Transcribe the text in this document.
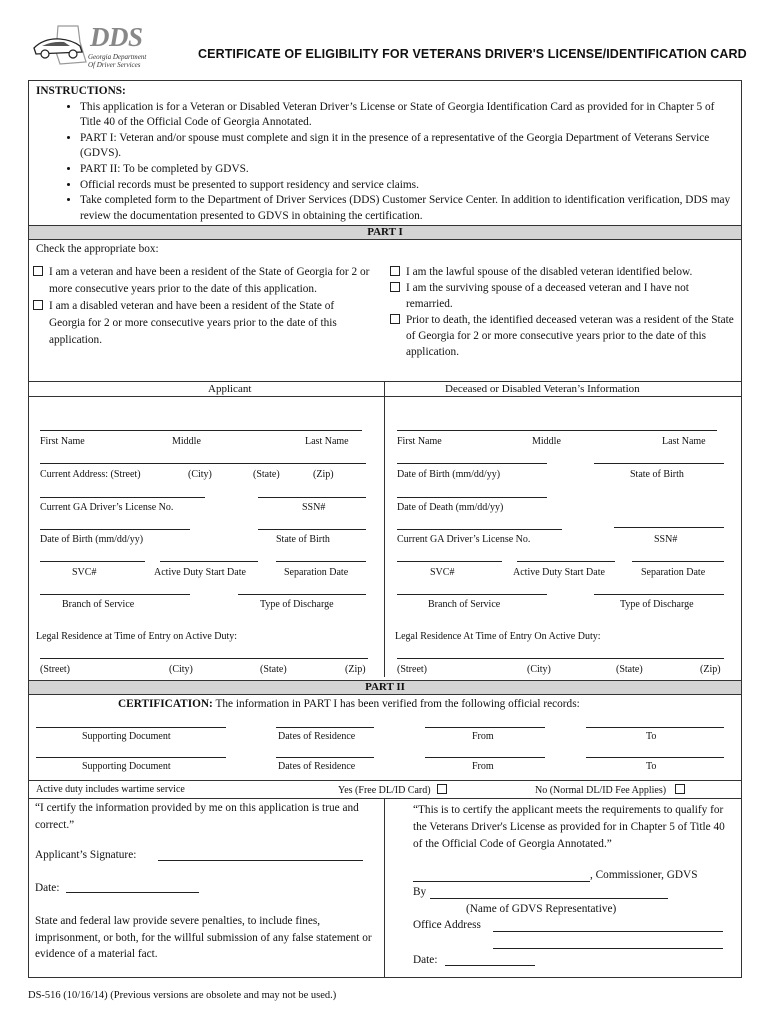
DDS
Georgia Department
Of Driver Services
CERTIFICATE OF ELIGIBILITY FOR VETERANS DRIVER'S LICENSE/IDENTIFICATION CARD
INSTRUCTIONS:
• This application is for a Veteran or Disabled Veteran Driver’s License or State of Georgia Identification Card as provided for in Chapter 5 of Title 40 of the Official Code of Georgia Annotated.
• PART I: Veteran and/or spouse must complete and sign it in the presence of a representative of the Georgia Department of Veterans Service (GDVS).
• PART II: To be completed by GDVS.
• Official records must be presented to support residency and service claims.
• Take completed form to the Department of Driver Services (DDS) Customer Service Center. In addition to identification verification, DDS may review the documentation presented to GDVS in obtaining the certification.
PART I
Check the appropriate box:
I am a veteran and have been a resident of the State of Georgia for 2 or more consecutive years prior to the date of this application.
I am a disabled veteran and have been a resident of the State of Georgia for 2 or more consecutive years prior to the date of this application.
I am the lawful spouse of the disabled veteran identified below.
I am the surviving spouse of a deceased veteran and I have not remarried.
Prior to death, the identified deceased veteran was a resident of the State of Georgia for 2 or more consecutive years prior to the date of this application.
Applicant	Deceased or Disabled Veteran’s Information
First Name	Middle	Last Name
Current Address: (Street)	(City)	(State)	(Zip)
Current GA Driver’s License No.	SSN#
Date of Birth (mm/dd/yy)	State of Birth
SVC#	Active Duty Start Date	Separation Date
Branch of Service	Type of Discharge
Legal Residence at Time of Entry on Active Duty:
(Street)	(City)	(State)	(Zip)
First Name	Middle	Last Name
Date of Birth (mm/dd/yy)	State of Birth
Date of Death (mm/dd/yy)
Current GA Driver’s License No.	SSN#
SVC#	Active Duty Start Date	Separation Date
Branch of Service	Type of Discharge
Legal Residence At Time of Entry On Active Duty:
(Street)	(City)	(State)	(Zip)
PART II
CERTIFICATION: The information in PART I has been verified from the following official records:
Supporting Document	Dates of Residence	From	To
Supporting Document	Dates of Residence	From	To
Active duty includes wartime service	Yes (Free DL/ID Card)	No (Normal DL/ID Fee Applies)
“I certify the information provided by me on this application is true and correct.”
Applicant’s Signature:
Date:
State and federal law provide severe penalties, to include fines, imprisonment, or both, for the willful submission of any false statement or evidence of a material fact.
“This is to certify the applicant meets the requirements to qualify for the Veterans Driver's License as provided for in Chapter 5 of Title 40 of the Official Code of Georgia Annotated.”
, Commissioner, GDVS
By
(Name of GDVS Representative)
Office Address
Date:
DS-516 (10/16/14) (Previous versions are obsolete and may not be used.)
